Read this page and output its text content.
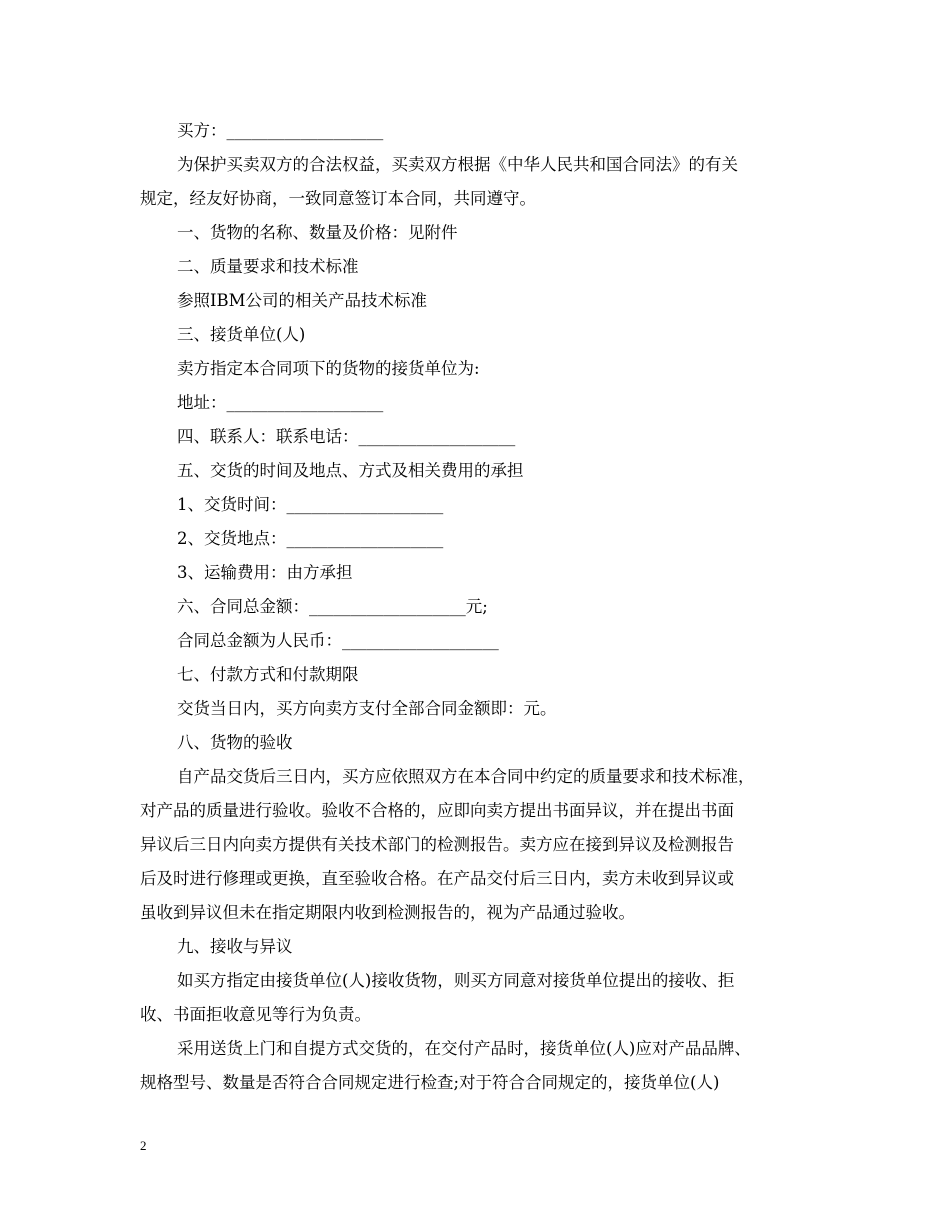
买方：___________________
为保护买卖双方的合法权益，买卖双方根据《中华人民共和国合同法》的有关
规定，经友好协商，一致同意签订本合同，共同遵守。
一、货物的名称、数量及价格：见附件
二、质量要求和技术标准
参照IBM公司的相关产品技术标准
三、接货单位(人)
卖方指定本合同项下的货物的接货单位为:
地址：___________________
四、联系人：联系电话：___________________
五、交货的时间及地点、方式及相关费用的承担
1、交货时间：___________________
2、交货地点：___________________
3、运输费用：由方承担
六、合同总金额：___________________元;
合同总金额为人民币：___________________
七、付款方式和付款期限
交货当日内，买方向卖方支付全部合同金额即：元。
八、货物的验收
自产品交货后三日内，买方应依照双方在本合同中约定的质量要求和技术标准，
对产品的质量进行验收。验收不合格的，应即向卖方提出书面异议，并在提出书面
异议后三日内向卖方提供有关技术部门的检测报告。卖方应在接到异议及检测报告
后及时进行修理或更换，直至验收合格。在产品交付后三日内，卖方未收到异议或
虽收到异议但未在指定期限内收到检测报告的，视为产品通过验收。
九、接收与异议
如买方指定由接货单位(人)接收货物，则买方同意对接货单位提出的接收、拒
收、书面拒收意见等行为负责。
采用送货上门和自提方式交货的，在交付产品时，接货单位(人)应对产品品牌、
规格型号、数量是否符合合同规定进行检查;对于符合合同规定的，接货单位(人)
2
